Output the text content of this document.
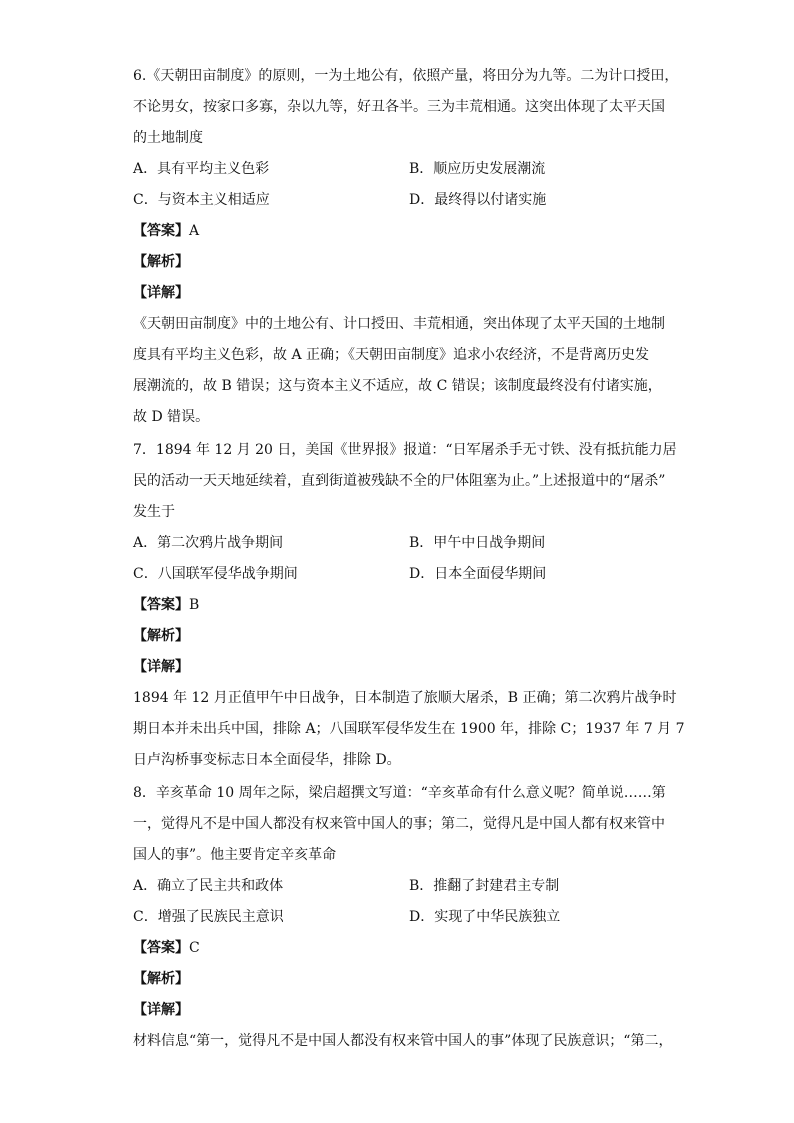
6.《天朝田亩制度》的原则，一为土地公有，依照产量，将田分为九等。二为计口授田，
不论男女，按家口多寡，杂以九等，好丑各半。三为丰荒相通。这突出体现了太平天国
的土地制度
A．具有平均主义色彩	B．顺应历史发展潮流
C．与资本主义相适应	D．最终得以付诸实施
【答案】A
【解析】
【详解】
《天朝田亩制度》中的土地公有、计口授田、丰荒相通，突出体现了太平天国的土地制
度具有平均主义色彩，故 A 正确；《天朝田亩制度》追求小农经济，不是背离历史发
展潮流的，故 B 错误；这与资本主义不适应，故 C 错误；该制度最终没有付诸实施，
故 D 错误。
7．1894 年 12 月 20 日，美国《世界报》报道：“日军屠杀手无寸铁、没有抵抗能力居
民的活动一天天地延续着，直到街道被残缺不全的尸体阻塞为止。”上述报道中的“屠杀”
发生于
A．第二次鸦片战争期间	B．甲午中日战争期间
C．八国联军侵华战争期间	D．日本全面侵华期间
【答案】B
【解析】
【详解】
1894 年 12 月正值甲午中日战争，日本制造了旅顺大屠杀，B 正确；第二次鸦片战争时
期日本并未出兵中国，排除 A；八国联军侵华发生在 1900 年，排除 C；1937 年 7 月 7
日卢沟桥事变标志日本全面侵华，排除 D。
8．辛亥革命 10 周年之际，梁启超撰文写道：“辛亥革命有什么意义呢？简单说……第
一，觉得凡不是中国人都没有权来管中国人的事；第二，觉得凡是中国人都有权来管中
国人的事”。他主要肯定辛亥革命
A．确立了民主共和政体	B．推翻了封建君主专制
C．增强了民族民主意识	D．实现了中华民族独立
【答案】C
【解析】
【详解】
材料信息“第一，觉得凡不是中国人都没有权来管中国人的事”体现了民族意识；“第二，
